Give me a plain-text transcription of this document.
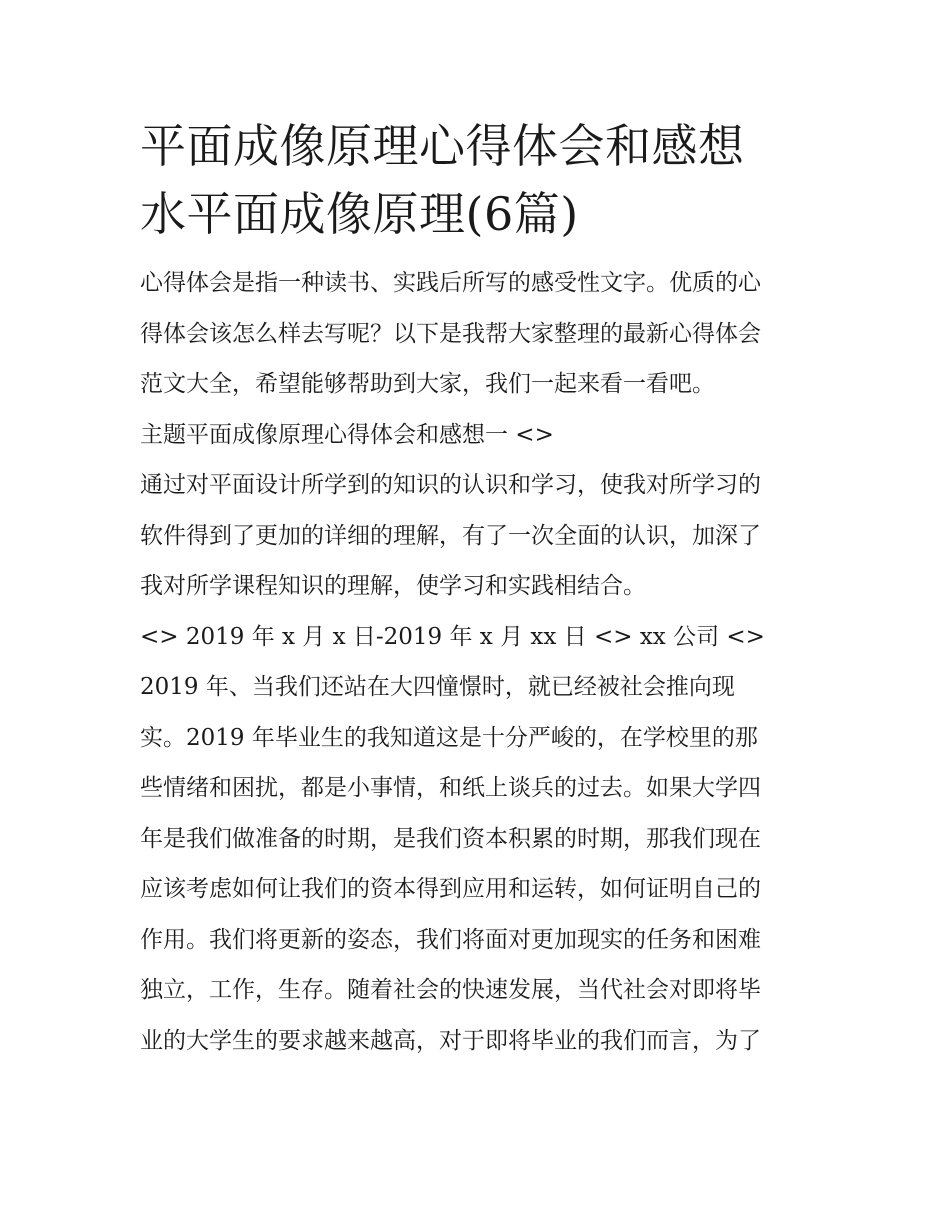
平面成像原理心得体会和感想
水平面成像原理(6篇)
心得体会是指一种读书、实践后所写的感受性文字。优质的心
得体会该怎么样去写呢？以下是我帮大家整理的最新心得体会
范文大全，希望能够帮助到大家，我们一起来看一看吧。
主题平面成像原理心得体会和感想一 <>
通过对平面设计所学到的知识的认识和学习，使我对所学习的
软件得到了更加的详细的理解，有了一次全面的认识，加深了
我对所学课程知识的理解，使学习和实践相结合。
<> 2019 年 x 月 x 日-2019 年 x 月 xx 日 <> xx 公司 <>
2019 年、当我们还站在大四憧憬时，就已经被社会推向现
实。2019 年毕业生的我知道这是十分严峻的，在学校里的那
些情绪和困扰，都是小事情，和纸上谈兵的过去。如果大学四
年是我们做准备的时期，是我们资本积累的时期，那我们现在
应该考虑如何让我们的资本得到应用和运转，如何证明自己的
作用。我们将更新的姿态，我们将面对更加现实的任务和困难
独立，工作，生存。随着社会的快速发展，当代社会对即将毕
业的大学生的要求越来越高，对于即将毕业的我们而言，为了
